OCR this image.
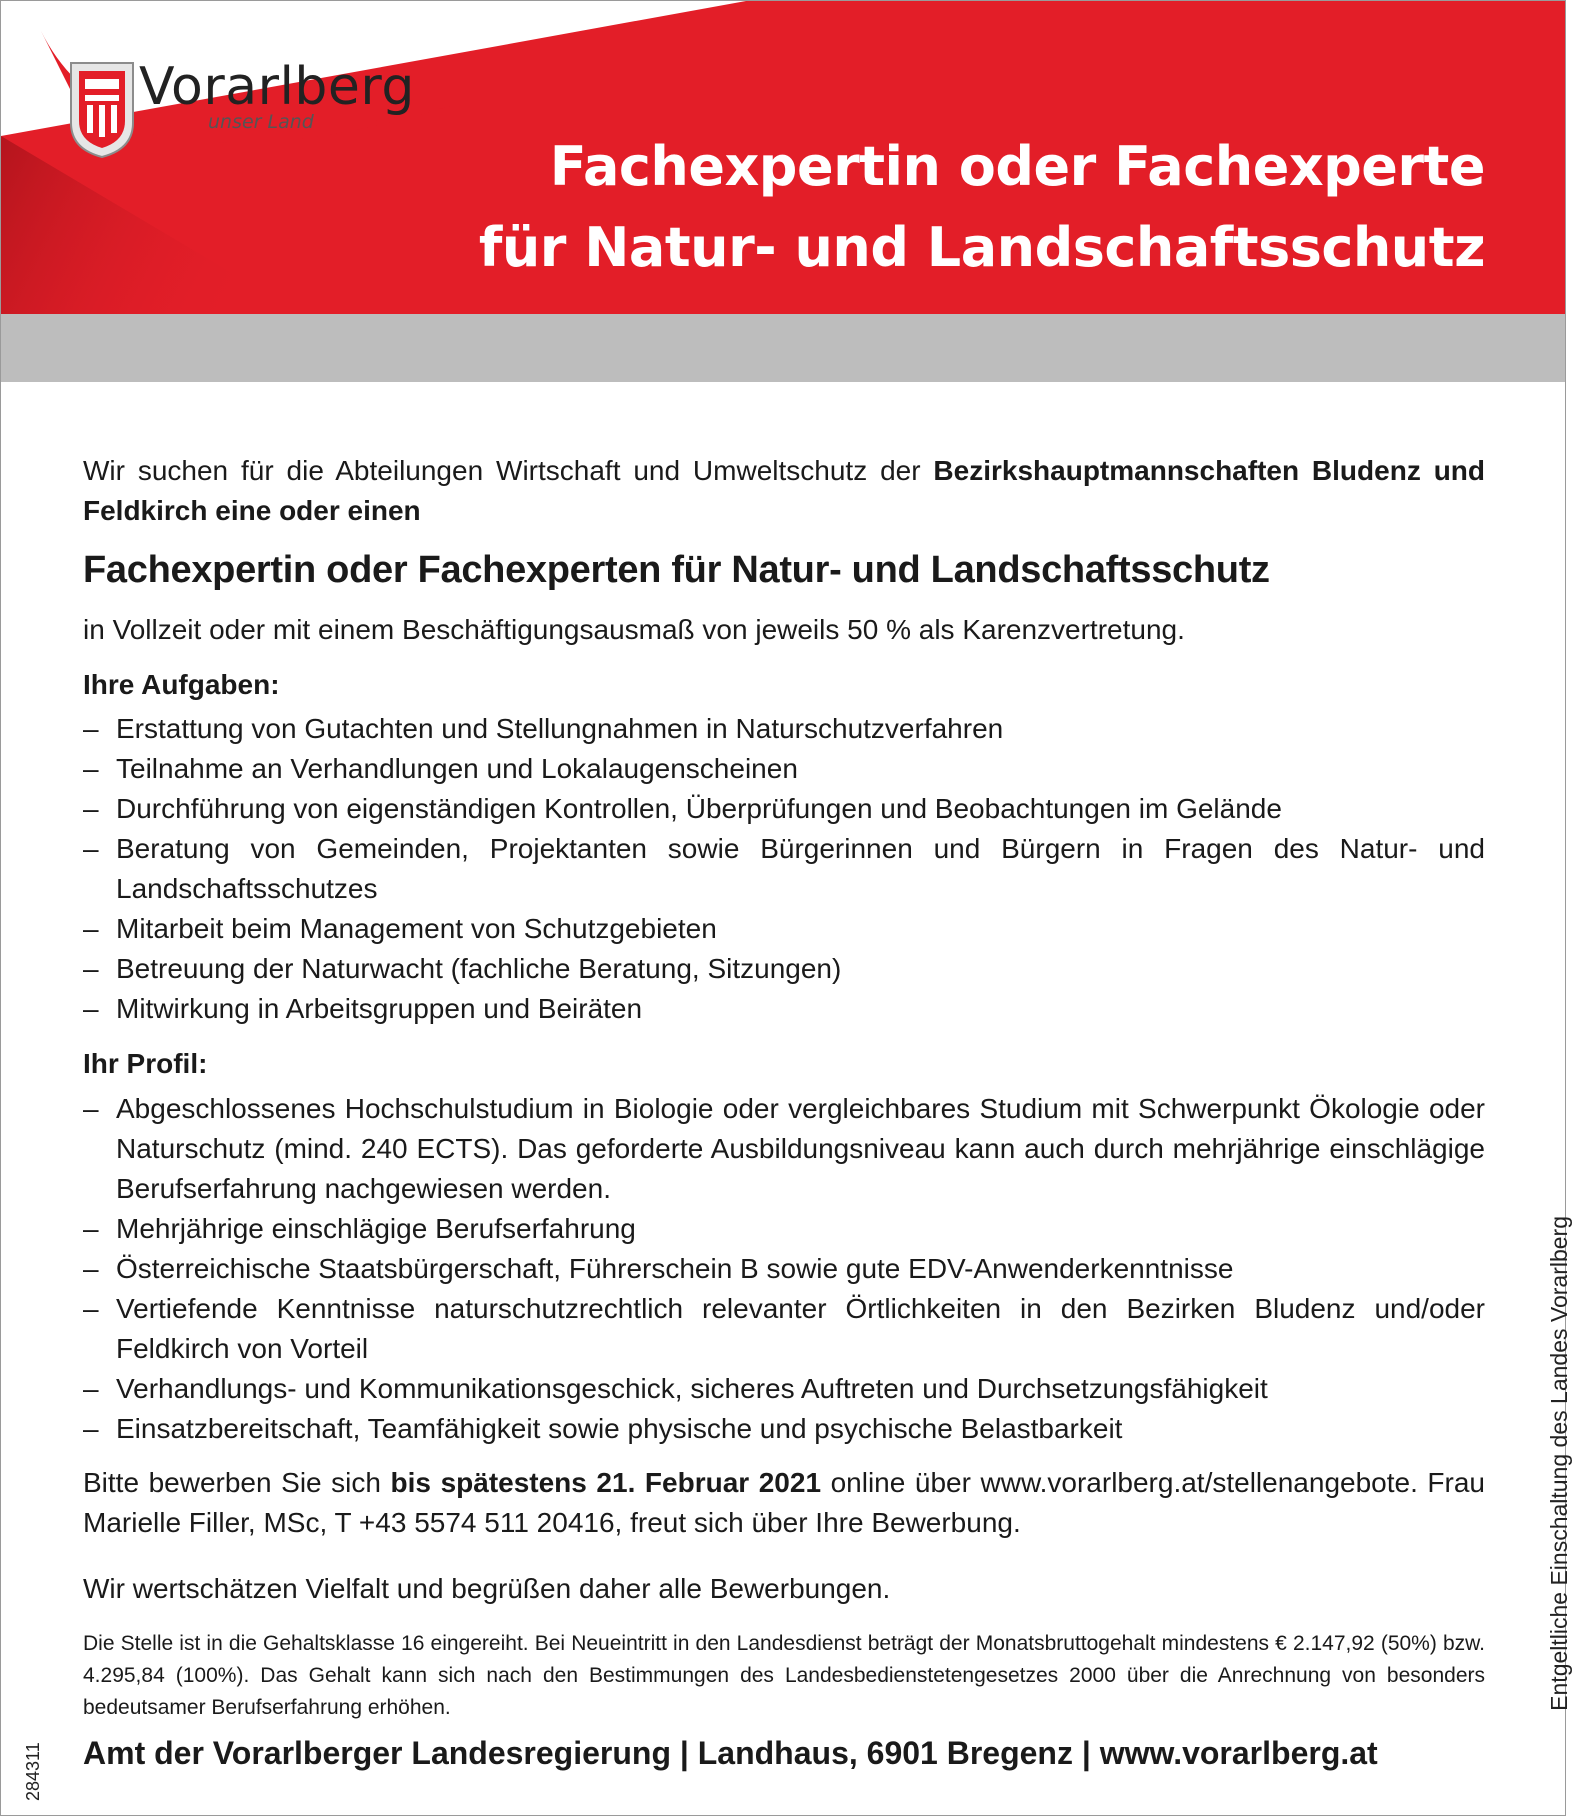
Vorarlberg
unser Land
Fachexpertin oder Fachexperte
für Natur- und Landschaftsschutz
Wir suchen für die Abteilungen Wirtschaft und Umweltschutz der Bezirkshauptmannschaften Bludenz und Feldkirch eine oder einen
Fachexpertin oder Fachexperten für Natur- und Landschaftsschutz
in Vollzeit oder mit einem Beschäftigungsausmaß von jeweils 50 % als Karenzvertretung.
Ihre Aufgaben:
– Erstattung von Gutachten und Stellungnahmen in Naturschutzverfahren
– Teilnahme an Verhandlungen und Lokalaugenscheinen
– Durchführung von eigenständigen Kontrollen, Überprüfungen und Beobachtungen im Gelände
– Beratung von Gemeinden, Projektanten sowie Bürgerinnen und Bürgern in Fragen des Natur- und Landschaftsschutzes
– Mitarbeit beim Management von Schutzgebieten
– Betreuung der Naturwacht (fachliche Beratung, Sitzungen)
– Mitwirkung in Arbeitsgruppen und Beiräten
Ihr Profil:
– Abgeschlossenes Hochschulstudium in Biologie oder vergleichbares Studium mit Schwerpunkt Ökologie oder Naturschutz (mind. 240 ECTS). Das geforderte Ausbildungsniveau kann auch durch mehrjährige einschlägige Berufserfahrung nachgewiesen werden.
– Mehrjährige einschlägige Berufserfahrung
– Österreichische Staatsbürgerschaft, Führerschein B sowie gute EDV-Anwenderkenntnisse
– Vertiefende Kenntnisse naturschutzrechtlich relevanter Örtlichkeiten in den Bezirken Bludenz und/oder Feldkirch von Vorteil
– Verhandlungs- und Kommunikationsgeschick, sicheres Auftreten und Durchsetzungsfähigkeit
– Einsatzbereitschaft, Teamfähigkeit sowie physische und psychische Belastbarkeit
Bitte bewerben Sie sich bis spätestens 21. Februar 2021 online über www.vorarlberg.at/stellenangebote. Frau Marielle Filler, MSc, T +43 5574 511 20416, freut sich über Ihre Bewerbung.
Wir wertschätzen Vielfalt und begrüßen daher alle Bewerbungen.
Die Stelle ist in die Gehaltsklasse 16 eingereiht. Bei Neueintritt in den Landesdienst beträgt der Monatsbruttogehalt mindestens € 2.147,92 (50%) bzw. 4.295,84 (100%). Das Gehalt kann sich nach den Bestimmungen des Landesbedienstetengesetzes 2000 über die Anrechnung von besonders bedeutsamer Berufserfahrung erhöhen.
Amt der Vorarlberger Landesregierung | Landhaus, 6901 Bregenz | www.vorarlberg.at
Entgeltliche Einschaltung des Landes Vorarlberg
284311
